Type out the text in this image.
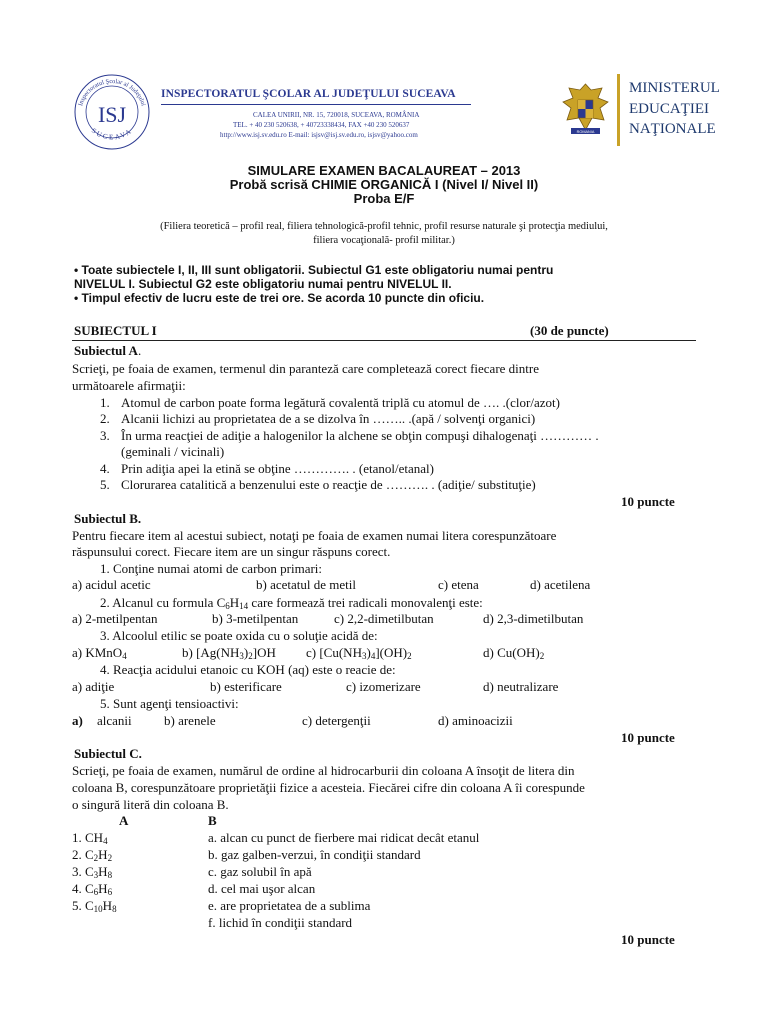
Inspectoratul Şcolar al Judeţului
SUCEAVA
ISJ
INSPECTORATUL ŞCOLAR AL JUDEŢULUI SUCEAVA
CALEA UNIRII, NR. 15, 720018, SUCEAVA, ROMÂNIA
TEL. + 40 230 520638, + 40723338434, FAX +40 230 520637
http://www.isj.sv.edu.ro E-mail: isjsv@isj.sv.edu.ro, isjsv@yahoo.com	ROMANIA
MINISTERUL
EDUCAŢIEI
NAŢIONALE
SIMULARE EXAMEN BACALAUREAT – 2013
Probă scrisă CHIMIE ORGANICĂ I (Nivel I/ Nivel II)
Proba E/F
(Filiera teoretică – profil real, filiera tehnologică-profil tehnic, profil resurse naturale şi protecţia mediului,
filiera vocaţională- profil militar.)
• Toate subiectele I, II, III sunt obligatorii. Subiectul G1 este obligatoriu numai pentru
NIVELUL I. Subiectul G2 este obligatoriu numai pentru NIVELUL II.
• Timpul efectiv de lucru este de trei ore. Se acorda 10 puncte din oficiu.
SUBIECTUL I	(30 de puncte)
Subiectul A.
Scrieţi, pe foaia de examen, termenul din paranteză care completează corect fiecare dintre
următoarele afirmaţii:
1. Atomul de carbon poate forma legătură covalentă triplă cu atomul de …. .(clor/azot)
2. Alcanii lichizi au proprietatea de a se dizolva în …….. .(apă / solvenţi organici)
3. În urma reacţiei de adiţie a halogenilor la alchene se obţin compuşi dihalogenaţi ………… .
(geminali / vicinali)
4. Prin adiţia apei la etină se obţine …………. . (etanol/etanal)
5. Clorurarea catalitică a benzenului este o reacţie de ………. . (adiţie/ substituţie)
10 puncte
Subiectul B.
Pentru fiecare item al acestui subiect, notaţi pe foaia de examen numai litera corespunzătoare
răspunsului corect. Fiecare item are un singur răspuns corect.
1. Conţine numai atomi de carbon primari:
a) acidul acetic	b) acetatul de metil	c) etena	d) acetilena
2. Alcanul cu formula $C_6H_{14}$ care formează trei radicali monovalenţi este:
a) 2-metilpentan	b) 3-metilpentan	c) 2,2-dimetilbutan	d) 2,3-dimetilbutan
3. Alcoolul etilic se poate oxida cu o soluţie acidă de:
a) KMnO$_4$	b) $[Ag(NH_3)_2]OH$ c) $[Cu(NH_3)_4](OH)_2$	d) $Cu(OH)_2$
4. Reacţia acidului etanoic cu KOH (aq) este o reacie de:
a) adiţie	b) esterificare	c) izomerizare	d) neutralizare
5. Sunt agenţi tensioactivi:
a) alcanii b) arenele	c) detergenţii	d) aminoacizii
10 puncte
Subiectul C.
Scrieţi, pe foaia de examen, numărul de ordine al hidrocarburii din coloana A însoţit de litera din
coloana B, corespunzătoare proprietăţii fizice a acesteia. Fiecărei cifre din coloana A îi corespunde
o singură literă din coloana B.
A	B
1. $CH_4$	a. alcan cu punct de fierbere mai ridicat decât etanul
2. $C_2H_2$	b. gaz galben-verzui, în condiţii standard
3. $C_3H_8$	c. gaz solubil în apă
4. $C_6H_6$	d. cel mai uşor alcan
5. $C_{10}H_8$	e. are proprietatea de a sublima
f. lichid în condiţii standard
10 puncte
